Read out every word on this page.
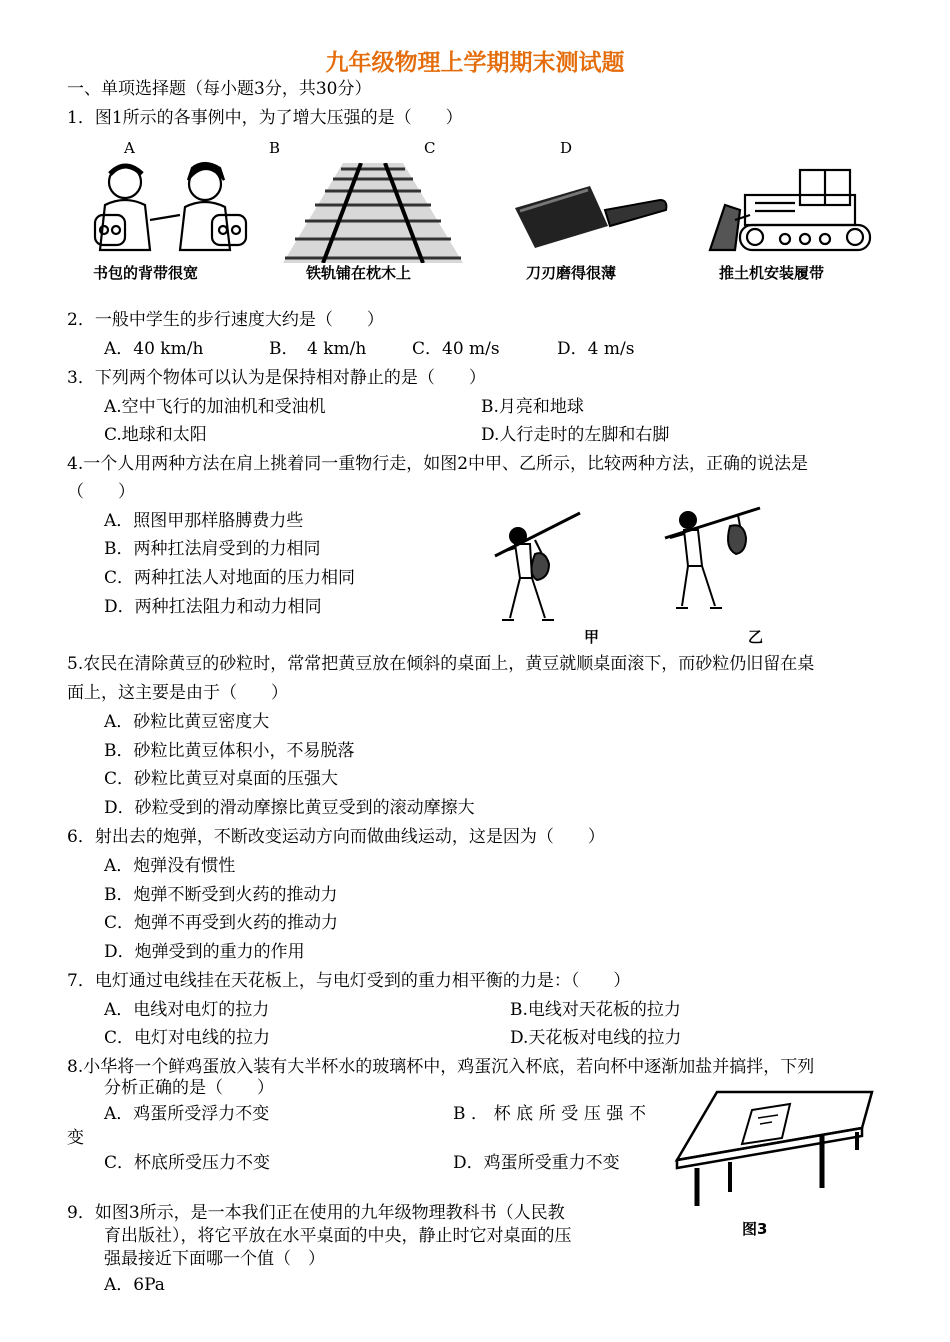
九年级物理上学期期末测试题
一、单项选择题（每小题3分，共30分）
1．图1所示的各事例中，为了增大压强的是（　　）
A	B	C	D
书包的背带很宽	铁轨铺在枕木上	刀刃磨得很薄	推土机安装履带
2．一般中学生的步行速度大约是（　　）
A．40 km/h	B．　4 km/h	C．40 m/s	D．4 m/s
3．下列两个物体可以认为是保持相对静止的是（　　）
A.空中飞行的加油机和受油机	B.月亮和地球
C.地球和太阳	D.人行走时的左脚和右脚
4.一个人用两种方法在肩上挑着同一重物行走，如图2中甲、乙所示，比较两种方法，正确的说法是
（　　）
A．照图甲那样胳膊费力些
B．两种扛法肩受到的力相同
C．两种扛法人对地面的压力相同
D．两种扛法阻力和动力相同
甲	乙
5.农民在清除黄豆的砂粒时，常常把黄豆放在倾斜的桌面上，黄豆就顺桌面滚下，而砂粒仍旧留在桌
面上，这主要是由于（　　）
A．砂粒比黄豆密度大
B．砂粒比黄豆体积小，不易脱落
C．砂粒比黄豆对桌面的压强大
D．砂粒受到的滑动摩擦比黄豆受到的滚动摩擦大
6．射出去的炮弹，不断改变运动方向而做曲线运动，这是因为（　　）
A．炮弹没有惯性
B．炮弹不断受到火药的推动力
C．炮弹不再受到火药的推动力
D．炮弹受到的重力的作用
7．电灯通过电线挂在天花板上，与电灯受到的重力相平衡的力是：（　　）
A．电线对电灯的拉力	B.电线对天花板的拉力
C．电灯对电线的拉力	D.天花板对电线的拉力
8.小华将一个鲜鸡蛋放入装有大半杯水的玻璃杯中，鸡蛋沉入杯底，若向杯中逐渐加盐并搞拌，下列
分析正确的是（　　）
A．鸡蛋所受浮力不变	B．杯底所受压强不
变
C．杯底所受压力不变	D．鸡蛋所受重力不变
图3
9．如图3所示，是一本我们正在使用的九年级物理教科书（人民教
育出版社），将它平放在水平桌面的中央，静止时它对桌面的压
强最接近下面哪一个值（　）
A．6Pa
